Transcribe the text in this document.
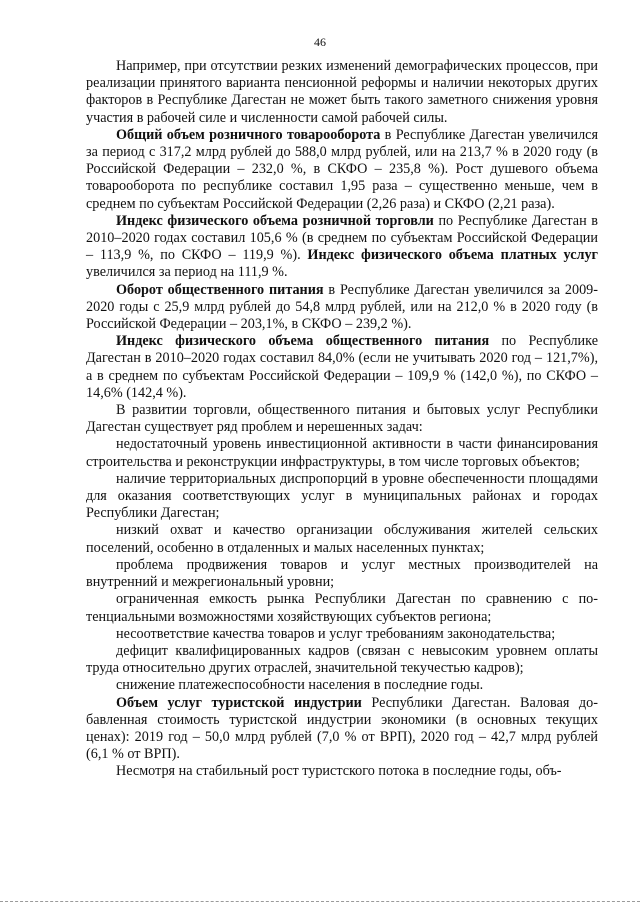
46

Например, при отсутствии резких изменений демографических процессов, при реализации принятого варианта пенсионной реформы и наличии некоторых других факторов в Республике Дагестан не может быть такого заметного снижения уровня участия в рабочей силе и численности самой рабочей силы.

Общий объем розничного товарооборота в Республике Дагестан увеличился за период с 317,2 млрд рублей до 588,0 млрд рублей, или на 213,7 % в 2020 году (в Российской Федерации – 232,0 %, в СКФО – 235,8 %). Рост душевого объема товарооборота по республике составил 1,95 раза – существенно меньше, чем в среднем по субъектам Российской Федерации (2,26 раза) и СКФО (2,21 раза).

Индекс физического объема розничной торговли по Республике Дагестан в 2010–2020 годах составил 105,6 % (в среднем по субъектам Российской Федерации – 113,9 %, по СКФО – 119,9 %). Индекс физического объема платных услуг увеличился за период на 111,9 %.

Оборот общественного питания в Республике Дагестан увеличился за 2009-2020 годы с 25,9 млрд рублей до 54,8 млрд рублей, или на 212,0 % в 2020 году (в Российской Федерации – 203,1%, в СКФО – 239,2 %).

Индекс физического объема общественного питания по Республике Дагестан в 2010–2020 годах составил 84,0% (если не учитывать 2020 год – 121,7%), а в среднем по субъектам Российской Федерации – 109,9 % (142,0 %), по СКФО – 14,6% (142,4 %).

В развитии торговли, общественного питания и бытовых услуг Республики Дагестан существует ряд проблем и нерешенных задач:

недостаточный уровень инвестиционной активности в части финансирования строительства и реконструкции инфраструктуры, в том числе торговых объектов;

наличие территориальных диспропорций в уровне обеспеченности площадями для оказания соответствующих услуг в муниципальных районах и городах Республики Дагестан;

низкий охват и качество организации обслуживания жителей сельских поселений, особенно в отдаленных и малых населенных пунктах;

проблема продвижения товаров и услуг местных производителей на внутренний и межрегиональный уровни;

ограниченная емкость рынка Республики Дагестан по сравнению с потенциальными возможностями хозяйствующих субъектов региона;

несоответствие качества товаров и услуг требованиям законодательства;

дефицит квалифицированных кадров (связан с невысоким уровнем оплаты труда относительно других отраслей, значительной текучестью кадров);

снижение платежеспособности населения в последние годы.

Объем услуг туристской индустрии Республики Дагестан. Валовая добавленная стоимость туристской индустрии экономики (в основных текущих ценах): 2019 год – 50,0 млрд рублей (7,0 % от ВРП), 2020 год – 42,7 млрд рублей (6,1 % от ВРП).

Несмотря на стабильный рост туристского потока в последние годы, объ-
